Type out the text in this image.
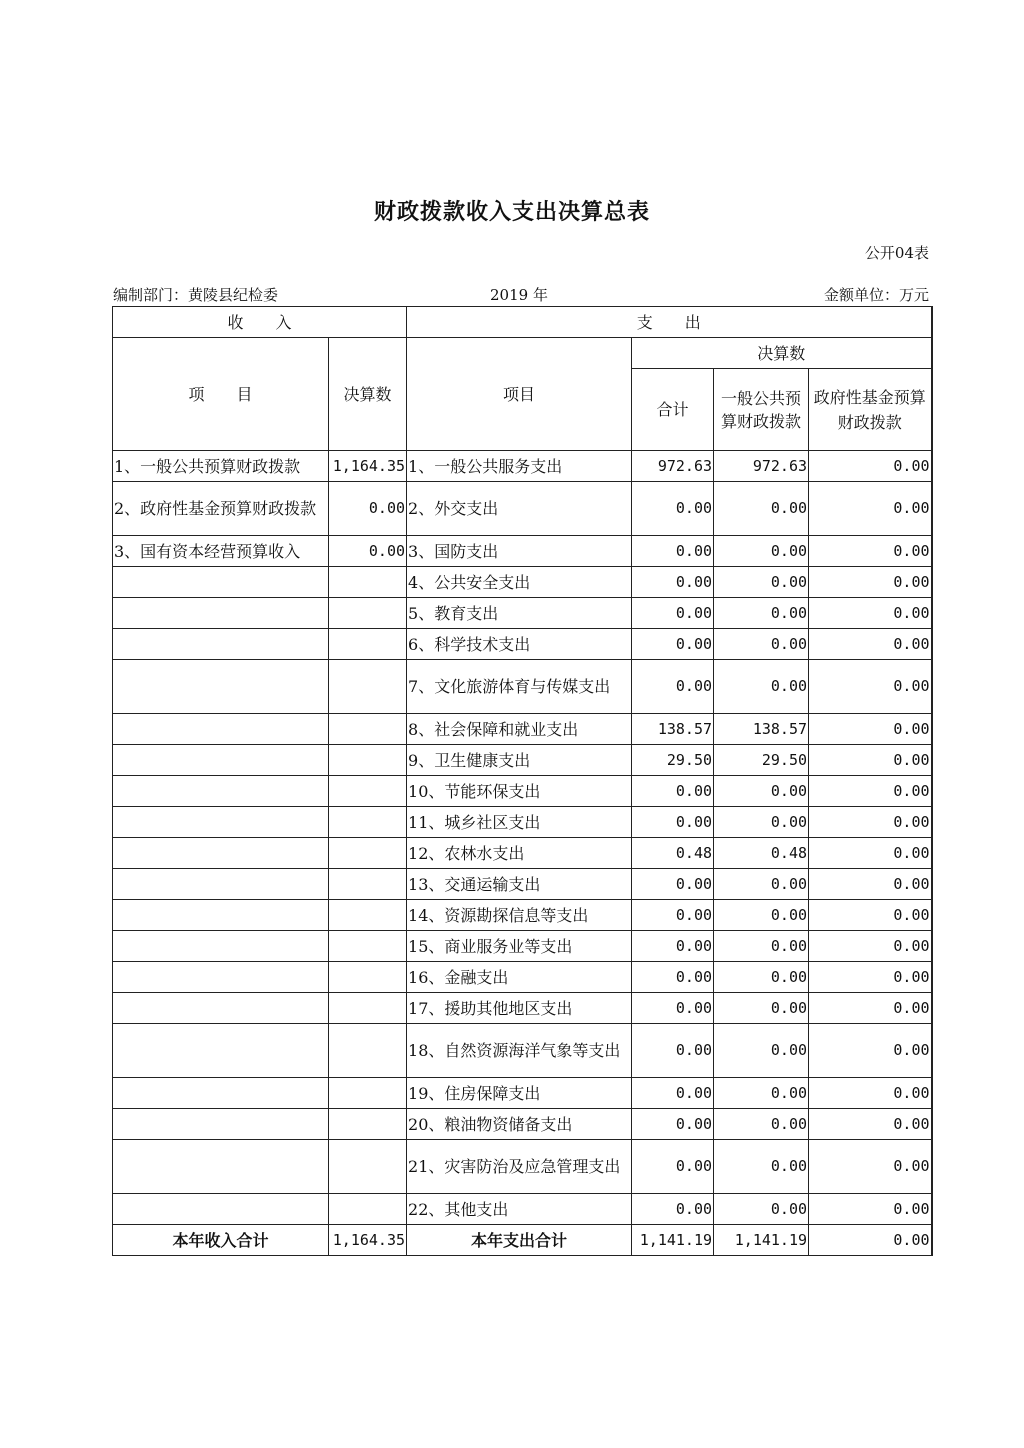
财政拨款收入支出决算总表
公开04表
编制部门：黄陵县纪检委	2019 年	金额单位：万元
收　　入		支　　出			
项　　目	决算数	项目	决算数		
			合计	一般公共预算财政拨款	政府性基金预算财政拨款
1、一般公共预算财政拨款	1,164.35	1、一般公共服务支出	972.63	972.63	0.00
2、政府性基金预算财政拨款	0.00	2、外交支出	0.00	0.00	0.00
3、国有资本经营预算收入	0.00	3、国防支出	0.00	0.00	0.00
		4、公共安全支出	0.00	0.00	0.00
		5、教育支出	0.00	0.00	0.00
		6、科学技术支出	0.00	0.00	0.00
		7、文化旅游体育与传媒支出	0.00	0.00	0.00
		8、社会保障和就业支出	138.57	138.57	0.00
		9、卫生健康支出	29.50	29.50	0.00
		10、节能环保支出	0.00	0.00	0.00
		11、城乡社区支出	0.00	0.00	0.00
		12、农林水支出	0.48	0.48	0.00
		13、交通运输支出	0.00	0.00	0.00
		14、资源勘探信息等支出	0.00	0.00	0.00
		15、商业服务业等支出	0.00	0.00	0.00
		16、金融支出	0.00	0.00	0.00
		17、援助其他地区支出	0.00	0.00	0.00
		18、自然资源海洋气象等支出	0.00	0.00	0.00
		19、住房保障支出	0.00	0.00	0.00
		20、粮油物资储备支出	0.00	0.00	0.00
		21、灾害防治及应急管理支出	0.00	0.00	0.00
		22、其他支出	0.00	0.00	0.00
本年收入合计	1,164.35	本年支出合计	1,141.19	1,141.19	0.00
